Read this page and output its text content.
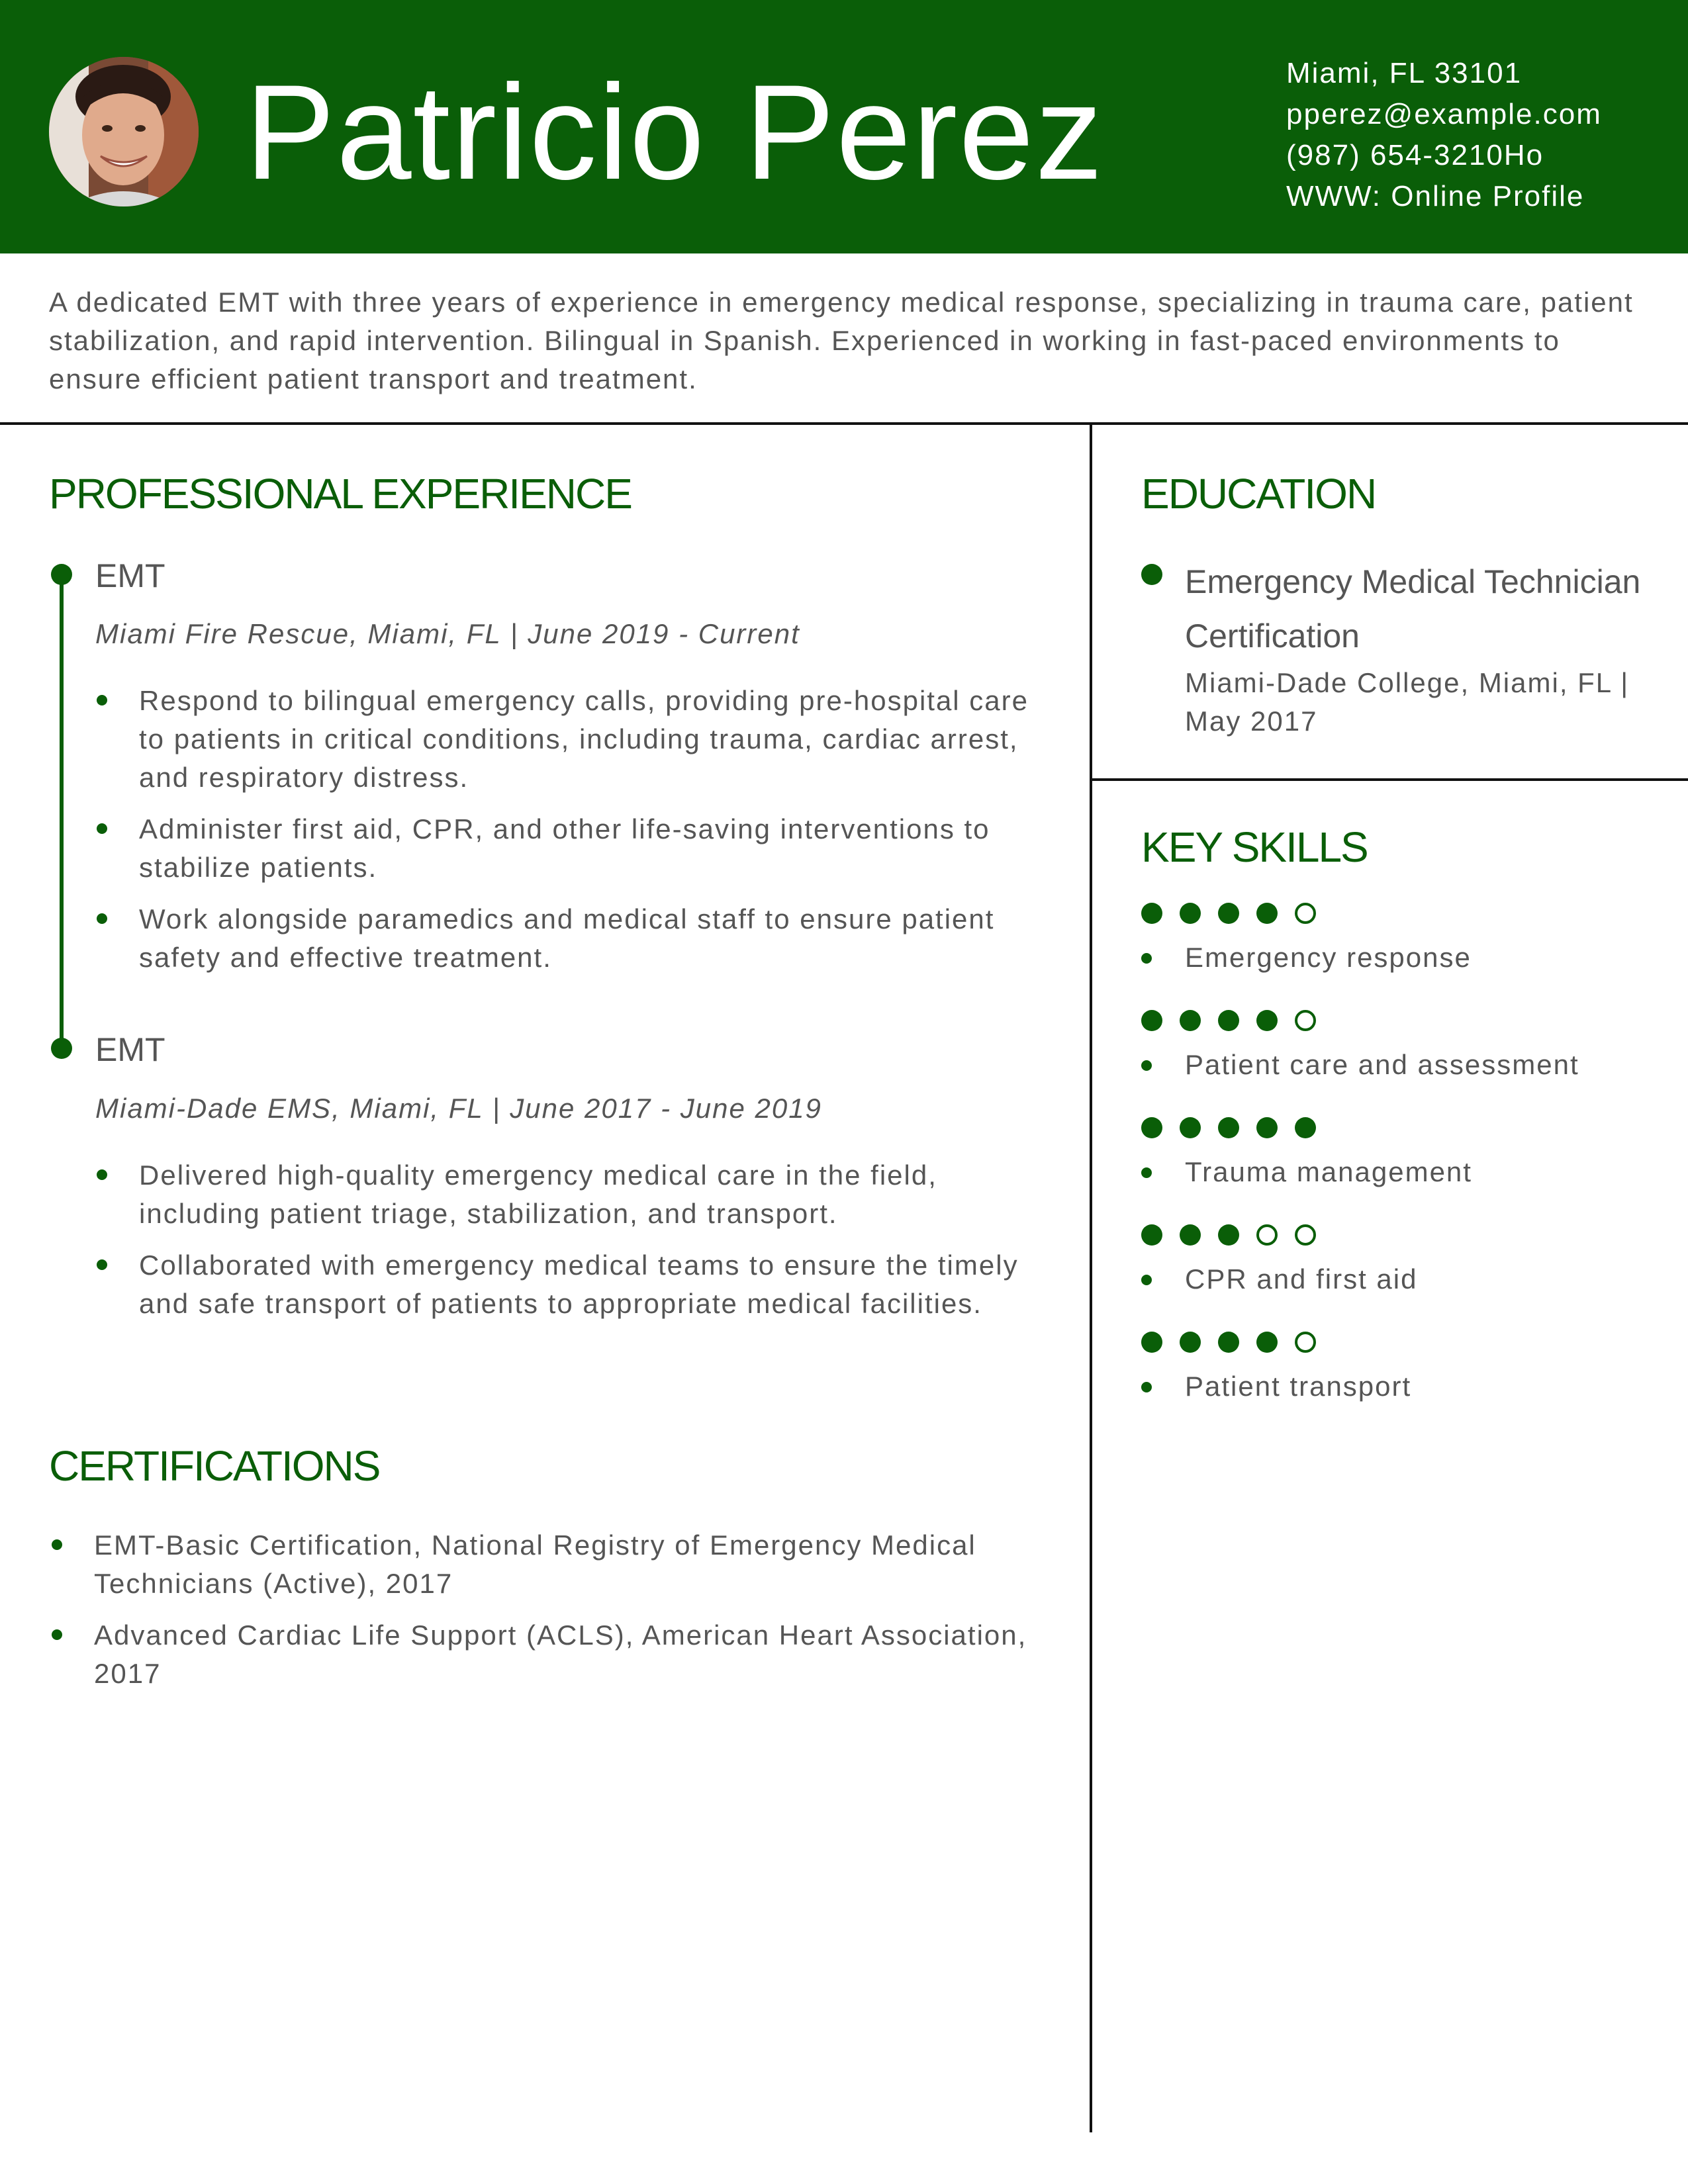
Patricio Perez	Miami, FL 33101
pperez@example.com
(987) 654-3210Ho
WWW: Online Profile
A dedicated EMT with three years of experience in emergency medical response, specializing in trauma care, patient stabilization, and rapid intervention. Bilingual in Spanish. Experienced in working in fast-paced environments to ensure efficient patient transport and treatment.
PROFESSIONAL EXPERIENCE
EMT
Miami Fire Rescue, Miami, FL | June 2019 - Current
Respond to bilingual emergency calls, providing pre-hospital care to patients in critical conditions, including trauma, cardiac arrest, and respiratory distress.
Administer first aid, CPR, and other life-saving interventions to stabilize patients.
Work alongside paramedics and medical staff to ensure patient safety and effective treatment.
EMT
Miami-Dade EMS, Miami, FL | June 2017 - June 2019
Delivered high-quality emergency medical care in the field, including patient triage, stabilization, and transport.
Collaborated with emergency medical teams to ensure the timely and safe transport of patients to appropriate medical facilities.
CERTIFICATIONS
EMT-Basic Certification, National Registry of Emergency Medical Technicians (Active), 2017
Advanced Cardiac Life Support (ACLS), American Heart Association, 2017
EDUCATION
Emergency Medical Technician Certification
Miami-Dade College, Miami, FL | May 2017
KEY SKILLS
Emergency response
Patient care and assessment
Trauma management
CPR and first aid
Patient transport
